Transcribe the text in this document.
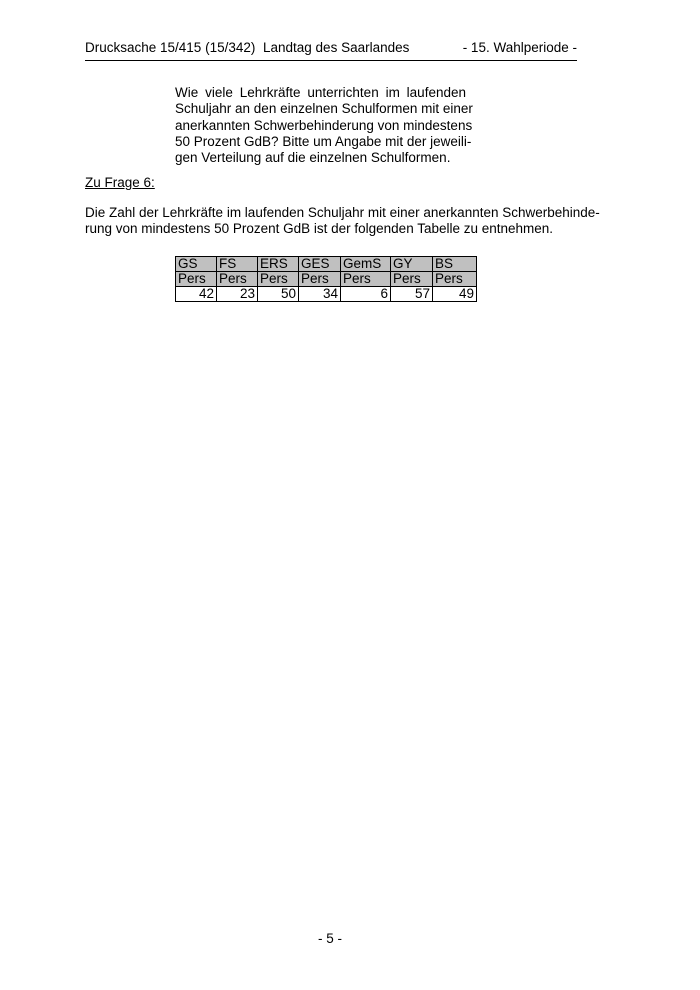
Drucksache 15/415 (15/342) Landtag des Saarlandes	- 15. Wahlperiode -
Wie viele Lehrkräfte unterrichten im laufenden
Schuljahr an den einzelnen Schulformen mit einer
anerkannten Schwerbehinderung von mindestens
50 Prozent GdB? Bitte um Angabe mit der jeweili-
gen Verteilung auf die einzelnen Schulformen.
Zu Frage 6:
Die Zahl der Lehrkräfte im laufenden Schuljahr mit einer anerkannten Schwerbehinde-
rung von mindestens 50 Prozent GdB ist der folgenden Tabelle zu entnehmen.
GS	FS	ERS	GES	GemS	GY	BS
Pers	Pers	Pers	Pers	Pers	Pers	Pers
42	23	50	34	6	57	49
- 5 -
